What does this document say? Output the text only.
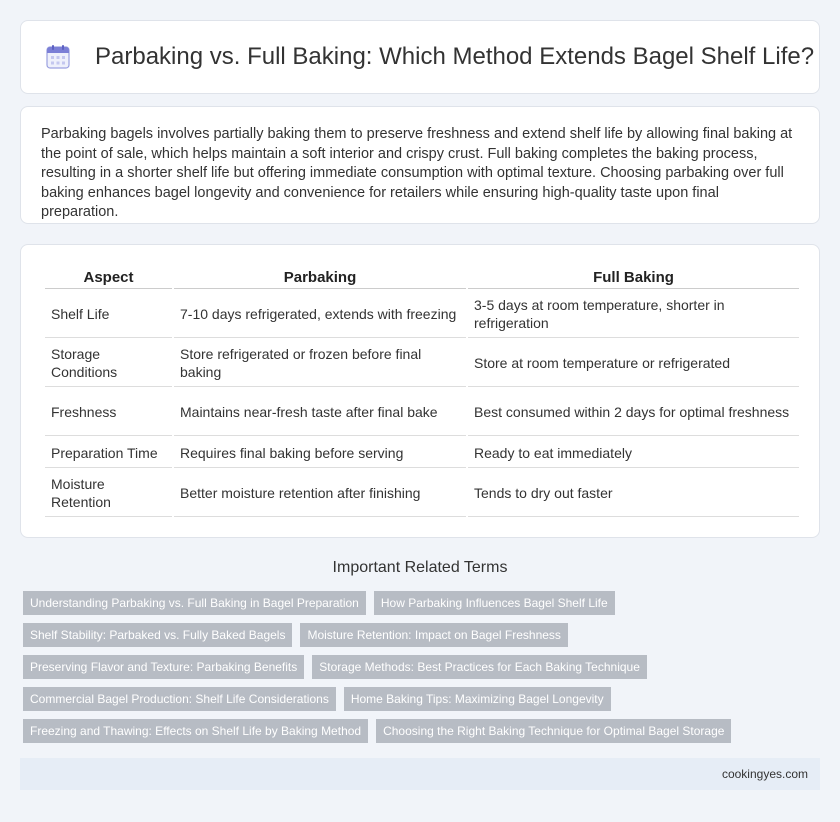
Parbaking vs. Full Baking: Which Method Extends Bagel Shelf Life?

Parbaking bagels involves partially baking them to preserve freshness and extend shelf life by allowing final baking at the point of sale, which helps maintain a soft interior and crispy crust. Full baking completes the baking process, resulting in a shorter shelf life but offering immediate consumption with optimal texture. Choosing parbaking over full baking enhances bagel longevity and convenience for retailers while ensuring high-quality taste upon final preparation.

Aspect	Parbaking	Full Baking
Shelf Life	7-10 days refrigerated, extends with freezing	3-5 days at room temperature, shorter in refrigeration
Storage Conditions	Store refrigerated or frozen before final baking	Store at room temperature or refrigerated
Freshness	Maintains near-fresh taste after final bake	Best consumed within 2 days for optimal freshness
Preparation Time	Requires final baking before serving	Ready to eat immediately
Moisture Retention	Better moisture retention after finishing	Tends to dry out faster
Important Related Terms
Understanding Parbaking vs. Full Baking in Bagel Preparation	How Parbaking Influences Bagel Shelf Life
Shelf Stability: Parbaked vs. Fully Baked Bagels	Moisture Retention: Impact on Bagel Freshness
Preserving Flavor and Texture: Parbaking Benefits	Storage Methods: Best Practices for Each Baking Technique
Commercial Bagel Production: Shelf Life Considerations	Home Baking Tips: Maximizing Bagel Longevity
Freezing and Thawing: Effects on Shelf Life by Baking Method	Choosing the Right Baking Technique for Optimal Bagel Storage
cookingyes.com
